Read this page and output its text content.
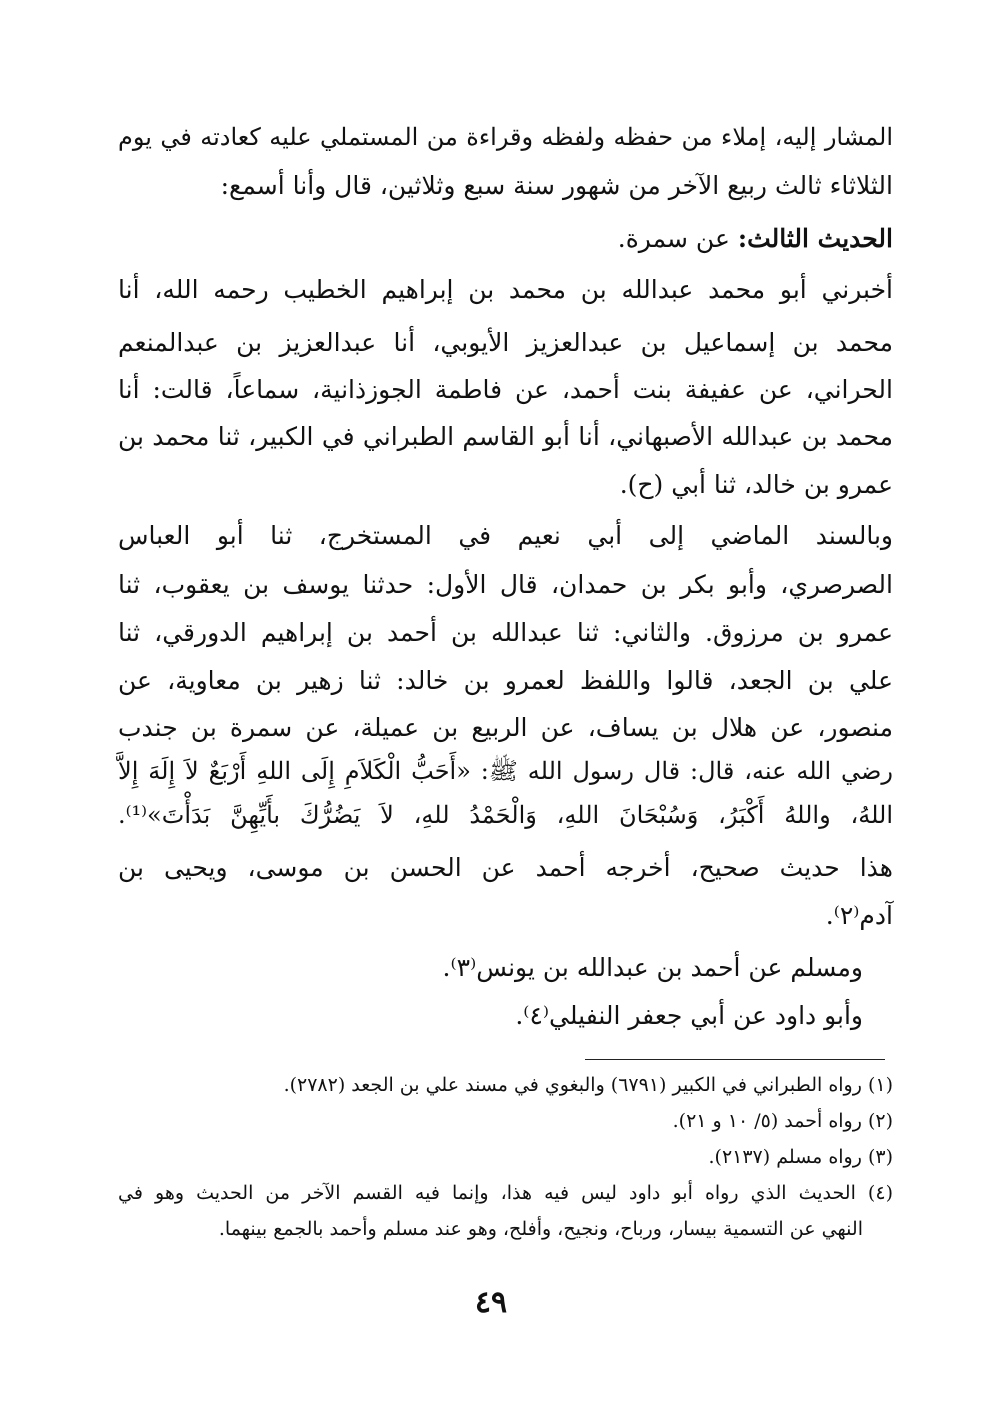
المشار إليه، إملاء من حفظه ولفظه وقراءة من المستملي عليه كعادته في يوم
الثلاثاء ثالث ربيع الآخر من شهور سنة سبع وثلاثين، قال وأنا أسمع:
الحديث الثالث: عن سمرة.
أخبرني أبو محمد عبدالله بن محمد بن إبراهيم الخطيب رحمه الله، أنا
محمد بن إسماعيل بن عبدالعزيز الأيوبي، أنا عبدالعزيز بن عبدالمنعم
الحراني، عن عفيفة بنت أحمد، عن فاطمة الجوزذانية، سماعاً، قالت: أنا
محمد بن عبدالله الأصبهاني، أنا أبو القاسم الطبراني في الكبير، ثنا محمد بن
عمرو بن خالد، ثنا أبي (ح).
وبالسند الماضي إلى أبي نعيم في المستخرج، ثنا أبو العباس
الصرصري، وأبو بكر بن حمدان، قال الأول: حدثنا يوسف بن يعقوب، ثنا
عمرو بن مرزوق. والثاني: ثنا عبدالله بن أحمد بن إبراهيم الدورقي، ثنا
علي بن الجعد، قالوا واللفظ لعمرو بن خالد: ثنا زهير بن معاوية، عن
منصور، عن هلال بن يساف، عن الربيع بن عميلة، عن سمرة بن جندب
رضي الله عنه، قال: قال رسول الله ﷺ: «أَحَبُّ الْكَلاَمِ إِلَى اللهِ أَرْبَعٌ لاَ إِلَهَ إِلاَّ
اللهُ، واللهُ أَكْبَرُ، وَسُبْحَانَ اللهِ، وَالْحَمْدُ للهِ، لاَ يَضُرُّكَ بأَيِّهِنَّ بَدَأْتَ»⁽¹⁾.
هذا حديث صحيح، أخرجه أحمد عن الحسن بن موسى، ويحيى بن
آدم⁽٢⁾.
ومسلم عن أحمد بن عبدالله بن يونس⁽٣⁾.
وأبو داود عن أبي جعفر النفيلي⁽٤⁾.
(١) رواه الطبراني في الكبير (٦٧٩١) والبغوي في مسند علي بن الجعد (٢٧٨٢).
(٢) رواه أحمد (٥/ ١٠ و ٢١).
(٣) رواه مسلم (٢١٣٧).
(٤) الحديث الذي رواه أبو داود ليس فيه هذا، وإنما فيه القسم الآخر من الحديث وهو في
النهي عن التسمية بيسار، ورباح، ونجيح، وأفلح، وهو عند مسلم وأحمد بالجمع بينهما.
٤٩
